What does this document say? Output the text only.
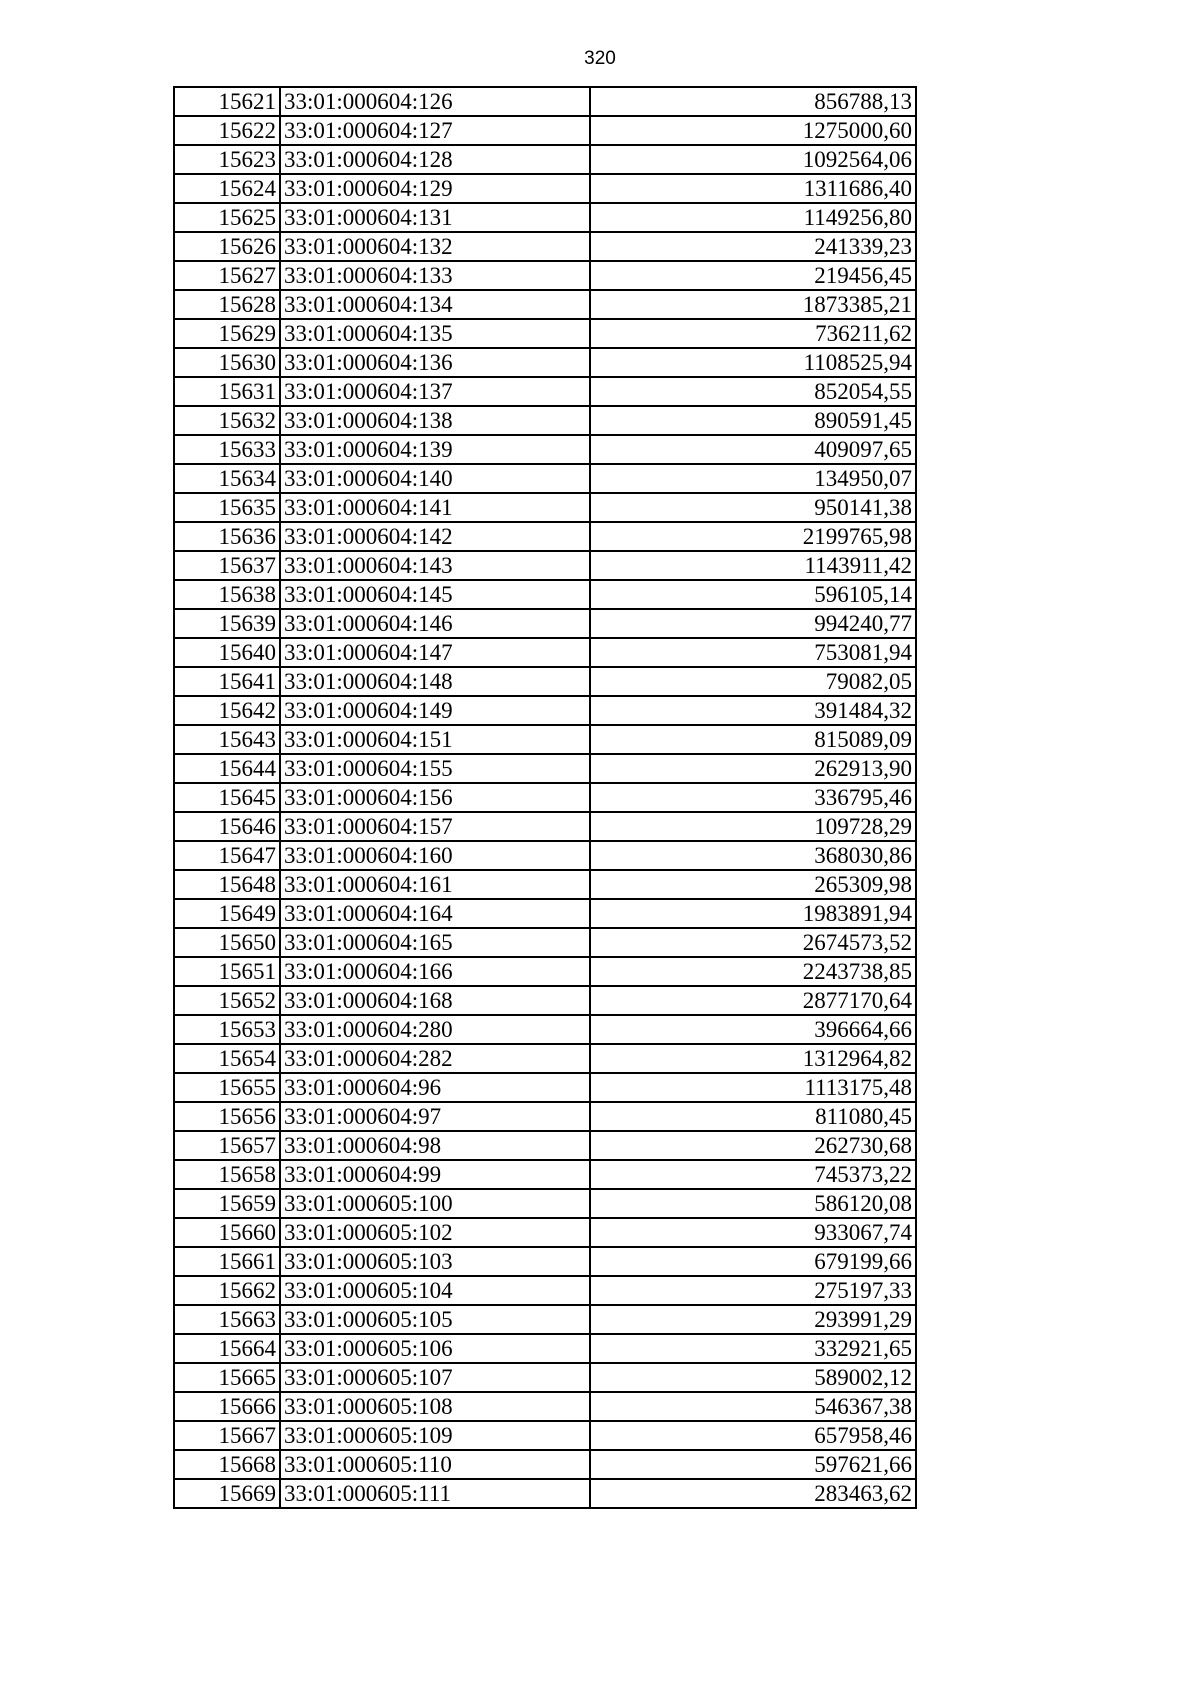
320
15621	33:01:000604:126	856788,13
15622	33:01:000604:127	1275000,60
15623	33:01:000604:128	1092564,06
15624	33:01:000604:129	1311686,40
15625	33:01:000604:131	1149256,80
15626	33:01:000604:132	241339,23
15627	33:01:000604:133	219456,45
15628	33:01:000604:134	1873385,21
15629	33:01:000604:135	736211,62
15630	33:01:000604:136	1108525,94
15631	33:01:000604:137	852054,55
15632	33:01:000604:138	890591,45
15633	33:01:000604:139	409097,65
15634	33:01:000604:140	134950,07
15635	33:01:000604:141	950141,38
15636	33:01:000604:142	2199765,98
15637	33:01:000604:143	1143911,42
15638	33:01:000604:145	596105,14
15639	33:01:000604:146	994240,77
15640	33:01:000604:147	753081,94
15641	33:01:000604:148	79082,05
15642	33:01:000604:149	391484,32
15643	33:01:000604:151	815089,09
15644	33:01:000604:155	262913,90
15645	33:01:000604:156	336795,46
15646	33:01:000604:157	109728,29
15647	33:01:000604:160	368030,86
15648	33:01:000604:161	265309,98
15649	33:01:000604:164	1983891,94
15650	33:01:000604:165	2674573,52
15651	33:01:000604:166	2243738,85
15652	33:01:000604:168	2877170,64
15653	33:01:000604:280	396664,66
15654	33:01:000604:282	1312964,82
15655	33:01:000604:96	1113175,48
15656	33:01:000604:97	811080,45
15657	33:01:000604:98	262730,68
15658	33:01:000604:99	745373,22
15659	33:01:000605:100	586120,08
15660	33:01:000605:102	933067,74
15661	33:01:000605:103	679199,66
15662	33:01:000605:104	275197,33
15663	33:01:000605:105	293991,29
15664	33:01:000605:106	332921,65
15665	33:01:000605:107	589002,12
15666	33:01:000605:108	546367,38
15667	33:01:000605:109	657958,46
15668	33:01:000605:110	597621,66
15669	33:01:000605:111	283463,62
